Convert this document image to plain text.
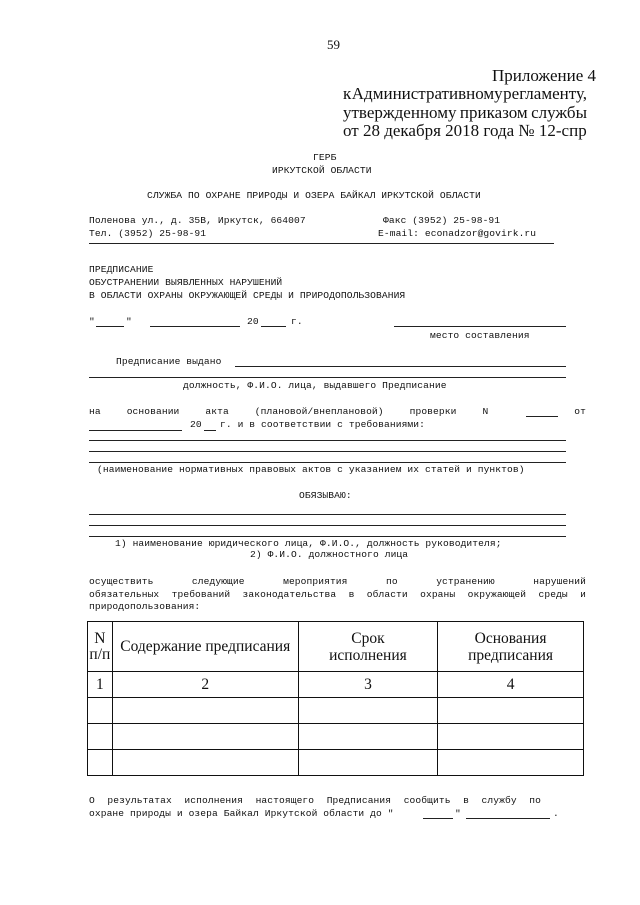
59
Приложение 4
к Административному регламенту,
утвержденному приказом службы
от 28 декабря 2018 года № 12-спр
ГЕРБ
ИРКУТСКОЙ ОБЛАСТИ
СЛУЖБА ПО ОХРАНЕ ПРИРОДЫ И ОЗЕРА БАЙКАЛ ИРКУТСКОЙ ОБЛАСТИ
Поленова ул., д. 35В, Иркутск, 664007	Факс (3952) 25-98-91
Тел. (3952) 25-98-91	E-mail: econadzor@govirk.ru
ПРЕДПИСАНИЕ
ОБУСТРАНЕНИИ ВЫЯВЛЕННЫХ НАРУШЕНИЙ
В ОБЛАСТИ ОХРАНЫ ОКРУЖАЮЩЕЙ СРЕДЫ И ПРИРОДОПОЛЬЗОВАНИЯ
"	"	20	г.
место составления
Предписание выдано
должность, Ф.И.О. лица, выдавшего Предписание
на	основании	акта	(плановой/внеплановой)	проверки	N	от
20 г. и в соответствии с требованиями:
(наименование нормативных правовых актов с указанием их статей и пунктов)
ОБЯЗЫВАЮ:
1) наименование юридического лица, Ф.И.О., должность руководителя;
2) Ф.И.О. должностного лица
осуществить	следующие	мероприятия	по	устранению	нарушений
обязательных требований законодательства в области охраны окружающей среды и
природопользования:
N п/п	Содержание предписания	Срок исполнения	Основания предписания
1	2	3	4

О результатах исполнения настоящего Предписания сообщить в службу по
охране природы и озера Байкал Иркутской области до "	"	.
